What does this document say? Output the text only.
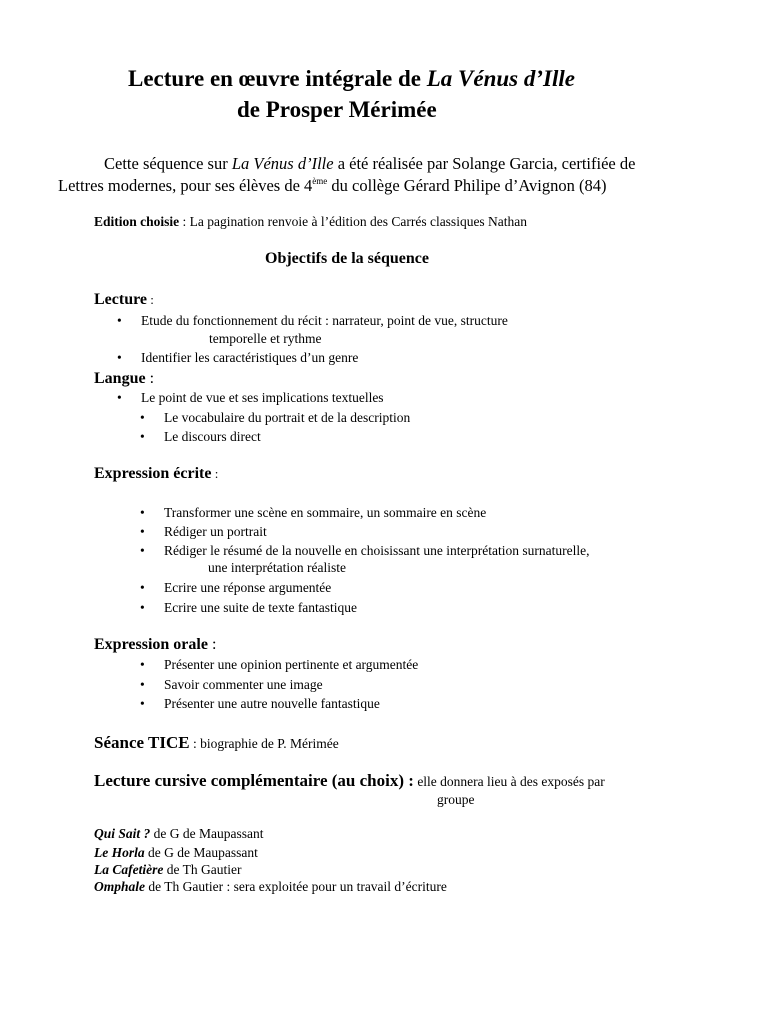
Lecture en œuvre intégrale de La Vénus d’Ille
de Prosper Mérimée
Cette séquence sur La Vénus d’Ille a été réalisée par Solange Garcia, certifiée de
Lettres modernes, pour ses élèves de 4ème du collège Gérard Philipe d’Avignon (84)
Edition choisie : La pagination renvoie à l’édition des Carrés classiques Nathan
Objectifs de la séquence
Lecture :
• Etude du fonctionnement du récit : narrateur, point de vue, structure
temporelle et rythme
• Identifier les caractéristiques d’un genre
Langue :
• Le point de vue et ses implications textuelles
• Le vocabulaire du portrait et de la description
• Le discours direct
Expression écrite :
• Transformer une scène en sommaire, un sommaire en scène
• Rédiger un portrait
• Rédiger le résumé de la nouvelle en choisissant une interprétation surnaturelle,
une interprétation réaliste
• Ecrire une réponse argumentée
• Ecrire une suite de texte fantastique
Expression orale :
• Présenter une opinion pertinente et argumentée
• Savoir commenter une image
• Présenter une autre nouvelle fantastique
Séance TICE : biographie de P. Mérimée
Lecture cursive complémentaire (au choix) : elle donnera lieu à des exposés par
groupe
Qui Sait ? de G de Maupassant
Le Horla de G de Maupassant
La Cafetière de Th Gautier
Omphale de Th Gautier : sera exploitée pour un travail d’écriture
